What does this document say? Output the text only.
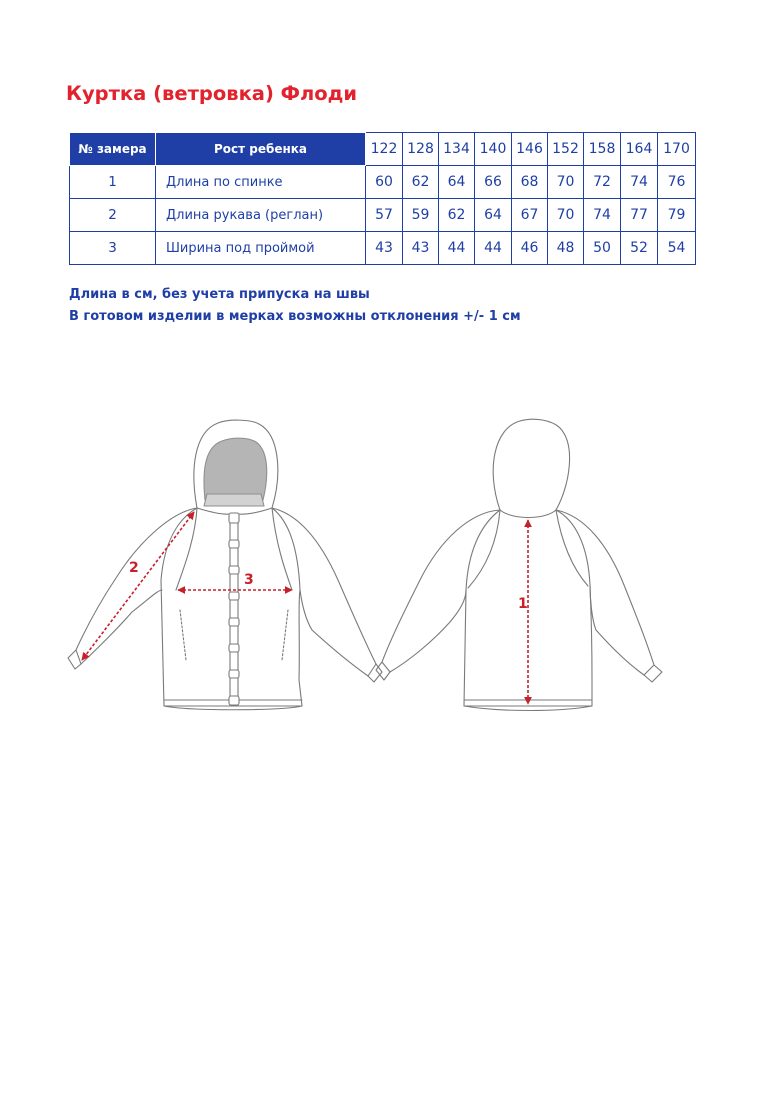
Куртка (ветровка) Флоди
№ замера	Рост ребенка	122	128	134	140	146	152	158	164	170
1	Длина по спинке	60	62	64	66	68	70	72	74	76
2	Длина рукава (реглан)	57	59	62	64	67	70	74	77	79
3	Ширина под проймой	43	43	44	44	46	48	50	52	54
Длина в см, без учета припуска на швы
В готовом изделии в мерках возможны отклонения +/- 1 см
2
3
1
